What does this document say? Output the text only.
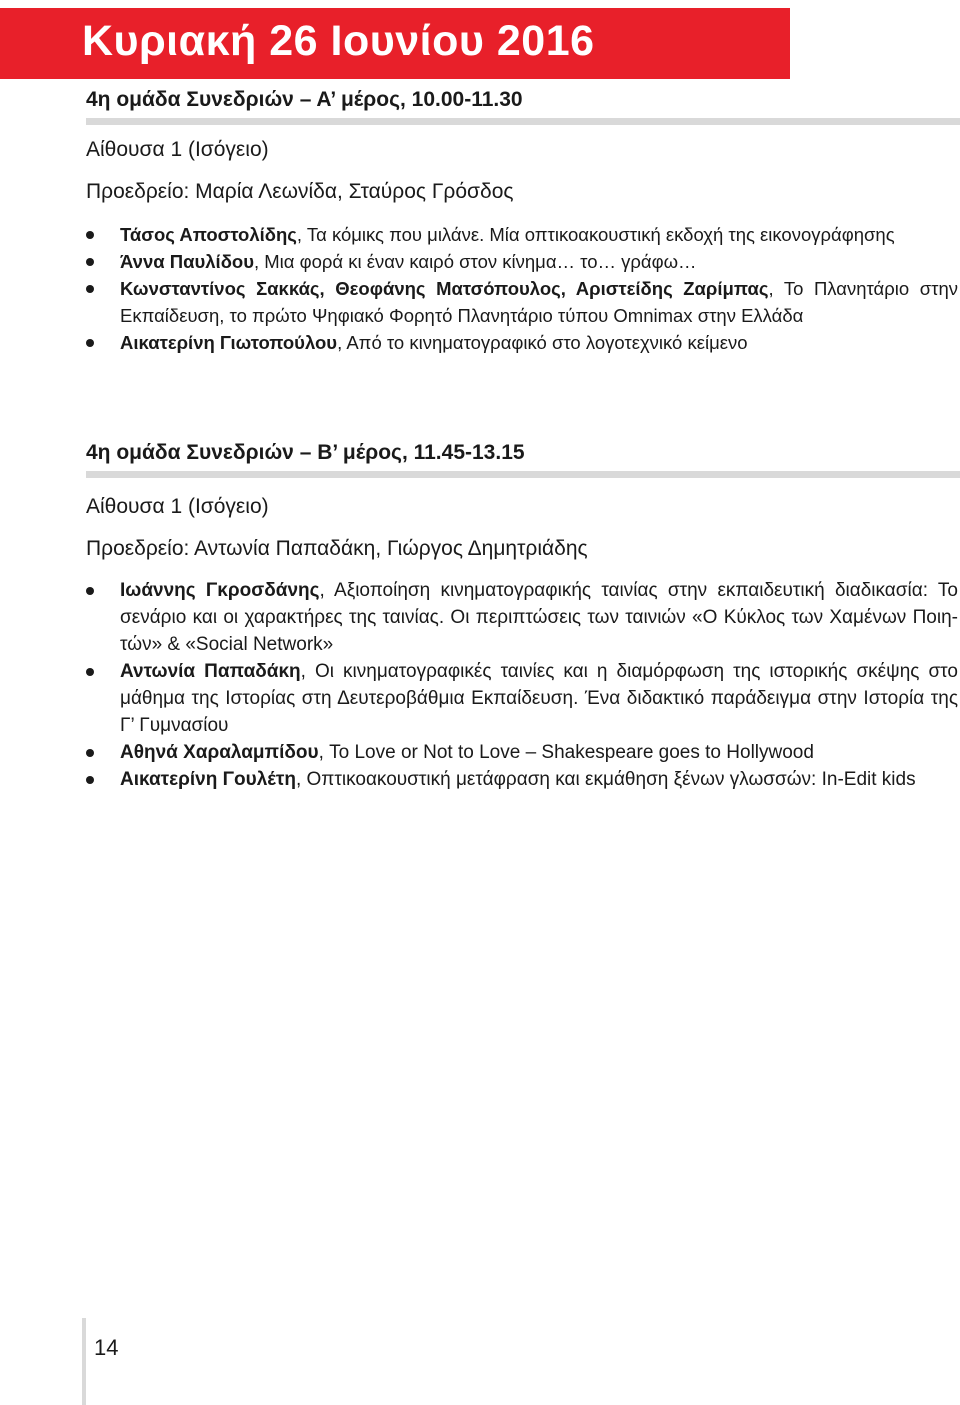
Κυριακή 26 Ιουνίου 2016
4η ομάδα Συνεδριών – Α’ μέρος, 10.00-11.30
Αίθουσα 1 (Ισόγειο)
Προεδρείο: Μαρία Λεωνίδα, Σταύρος Γρόσδος
Τάσος Αποστολίδης, Τα κόμικς που μιλάνε. Μία οπτικοακουστική εκδοχή της εικονογράφησης
Άννα Παυλίδου, Μια φορά κι έναν καιρό στον κίνημα… το… γράφω…
Κωνσταντίνος Σακκάς, Θεοφάνης Ματσόπουλος, Αριστείδης Ζαρίμπας, Το Πλανητάριο στην Εκπαίδευση, το πρώτο Ψηφιακό Φορητό Πλανητάριο τύπου Omnimax στην Ελλάδα
Αικατερίνη Γιωτοπούλου, Από το κινηματογραφικό στο λογοτεχνικό κείμενο
4η ομάδα Συνεδριών – Β’ μέρος, 11.45-13.15
Αίθουσα 1 (Ισόγειο)
Προεδρείο: Αντωνία Παπαδάκη, Γιώργος Δημητριάδης
Ιωάννης Γκροσδάνης, Αξιοποίηση κινηματογραφικής ταινίας στην εκπαιδευτική διαδικασία: Το σενάριο και οι χαρακτήρες της ταινίας. Οι περιπτώσεις των ταινιών «Ο Κύκλος των Χαμένων Ποιη-τών» & «Social Network»
Αντωνία Παπαδάκη, Οι κινηματογραφικές ταινίες και η διαμόρφωση της ιστορικής σκέψης στο μάθημα της Ιστορίας στη Δευτεροβάθμια Εκπαίδευση. Ένα διδακτικό παράδειγμα στην Ιστορία της Γ’ Γυμνασίου
Αθηνά Χαραλαμπίδου, To Love or Not to Love – Shakespeare goes to Hollywood
Αικατερίνη Γουλέτη, Οπτικοακουστική μετάφραση και εκμάθηση ξένων γλωσσών: In-Edit kids
14
